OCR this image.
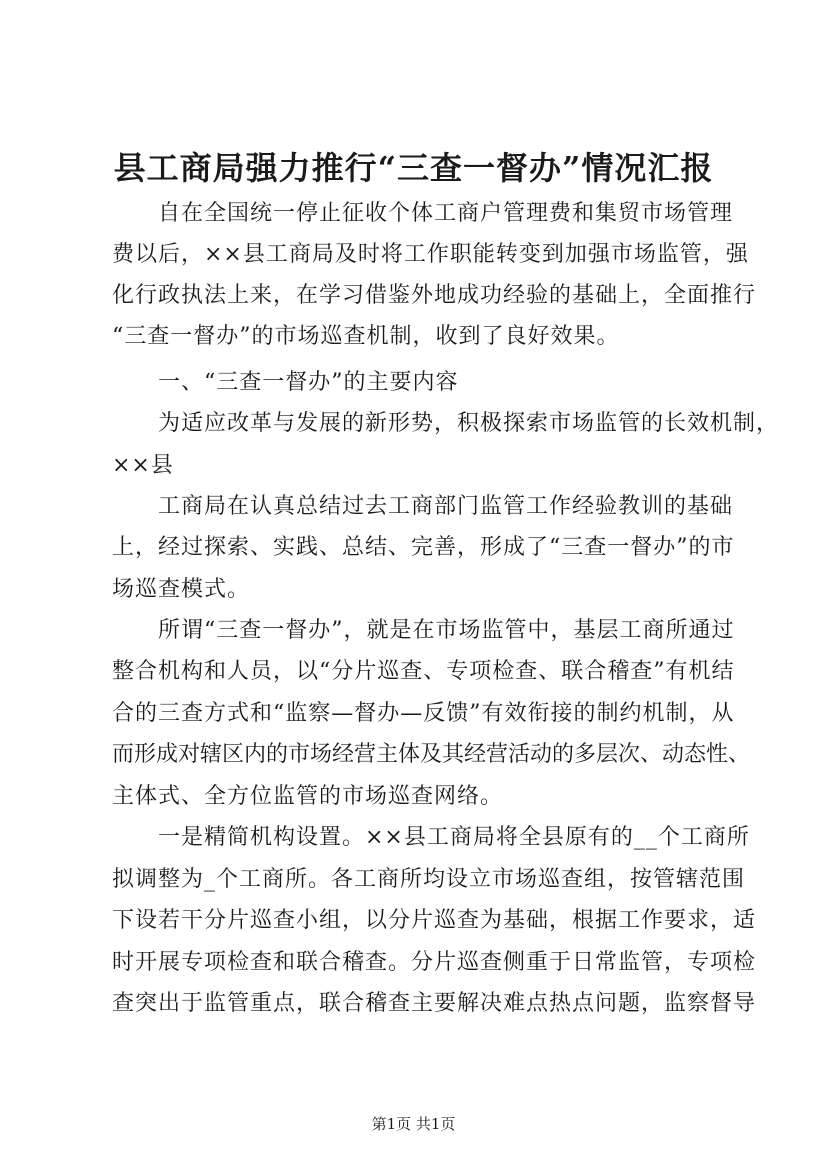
县工商局强力推行“三查一督办”情况汇报
自在全国统一停止征收个体工商户管理费和集贸市场管理
费以后，××县工商局及时将工作职能转变到加强市场监管，强
化行政执法上来，在学习借鉴外地成功经验的基础上，全面推行
“三查一督办”的市场巡查机制，收到了良好效果。
一、“三查一督办”的主要内容
为适应改革与发展的新形势，积极探索市场监管的长效机制，
××县
工商局在认真总结过去工商部门监管工作经验教训的基础
上，经过探索、实践、总结、完善，形成了“三查一督办”的市
场巡查模式。
所谓“三查一督办”，就是在市场监管中，基层工商所通过
整合机构和人员，以“分片巡查、专项检查、联合稽查”有机结
合的三查方式和“监察—督办—反馈”有效衔接的制约机制，从
而形成对辖区内的市场经营主体及其经营活动的多层次、动态性、
主体式、全方位监管的市场巡查网络。
一是精简机构设置。××县工商局将全县原有的__个工商所
拟调整为_个工商所。各工商所均设立市场巡查组，按管辖范围
下设若干分片巡查小组，以分片巡查为基础，根据工作要求，适
时开展专项检查和联合稽查。分片巡查侧重于日常监管，专项检
查突出于监管重点，联合稽查主要解决难点热点问题，监察督导
第1页 共1页
